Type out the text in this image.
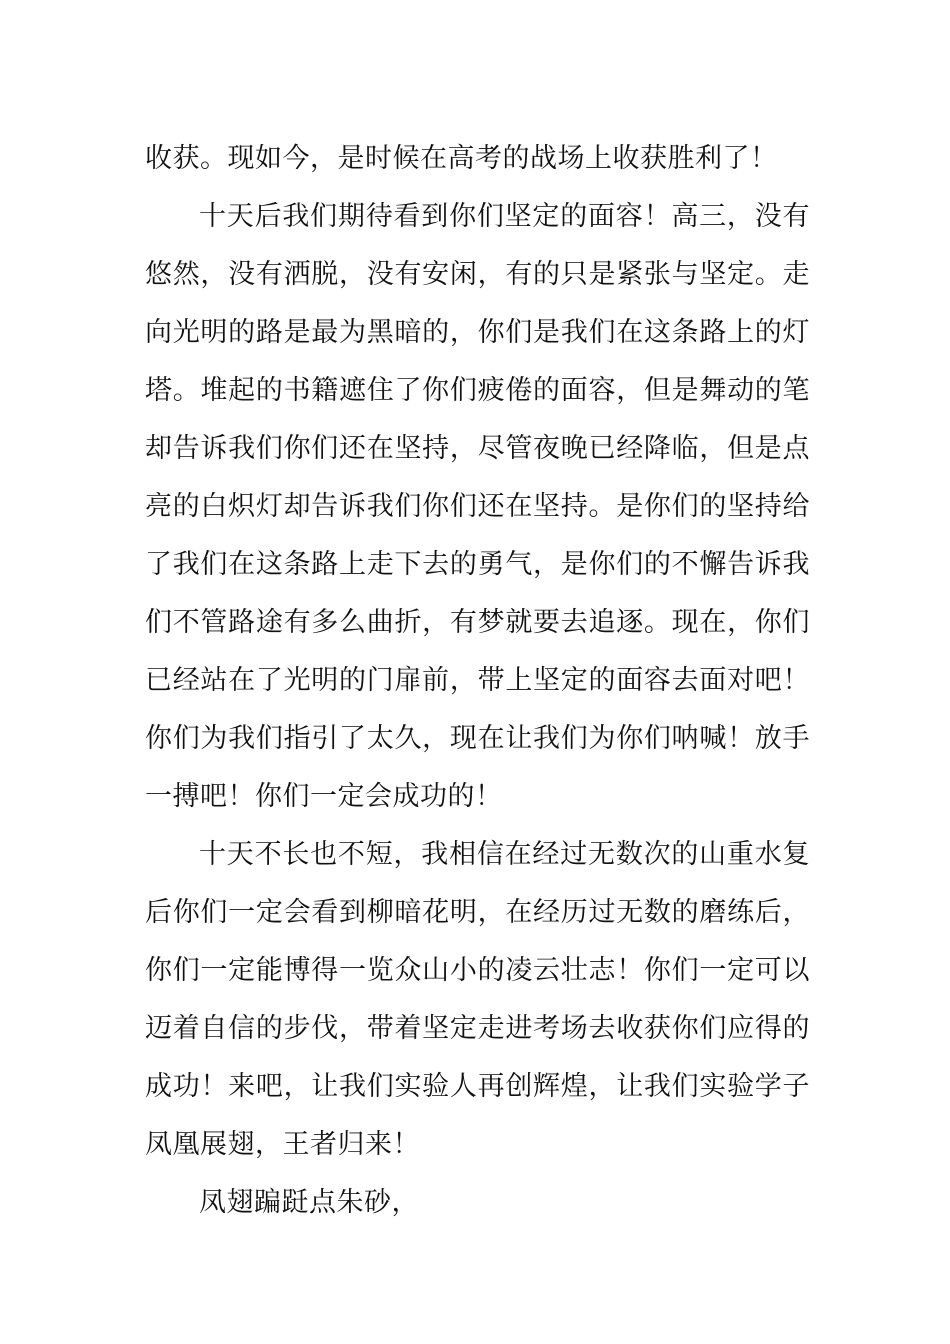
收获。现如今，是时候在高考的战场上收获胜利了！

十天后我们期待看到你们坚定的面容！高三，没有悠然，没有洒脱，没有安闲，有的只是紧张与坚定。走向光明的路是最为黑暗的，你们是我们在这条路上的灯塔。堆起的书籍遮住了你们疲倦的面容，但是舞动的笔却告诉我们你们还在坚持，尽管夜晚已经降临，但是点亮的白炽灯却告诉我们你们还在坚持。是你们的坚持给了我们在这条路上走下去的勇气，是你们的不懈告诉我们不管路途有多么曲折，有梦就要去追逐。现在，你们已经站在了光明的门扉前，带上坚定的面容去面对吧！你们为我们指引了太久，现在让我们为你们呐喊！放手一搏吧！你们一定会成功的！

十天不长也不短，我相信在经过无数次的山重水复后你们一定会看到柳暗花明，在经历过无数的磨练后，你们一定能博得一览众山小的凌云壮志！你们一定可以迈着自信的步伐，带着坚定走进考场去收获你们应得的成功！来吧，让我们实验人再创辉煌，让我们实验学子凤凰展翅，王者归来！

凤翅蹁跹点朱砂，
